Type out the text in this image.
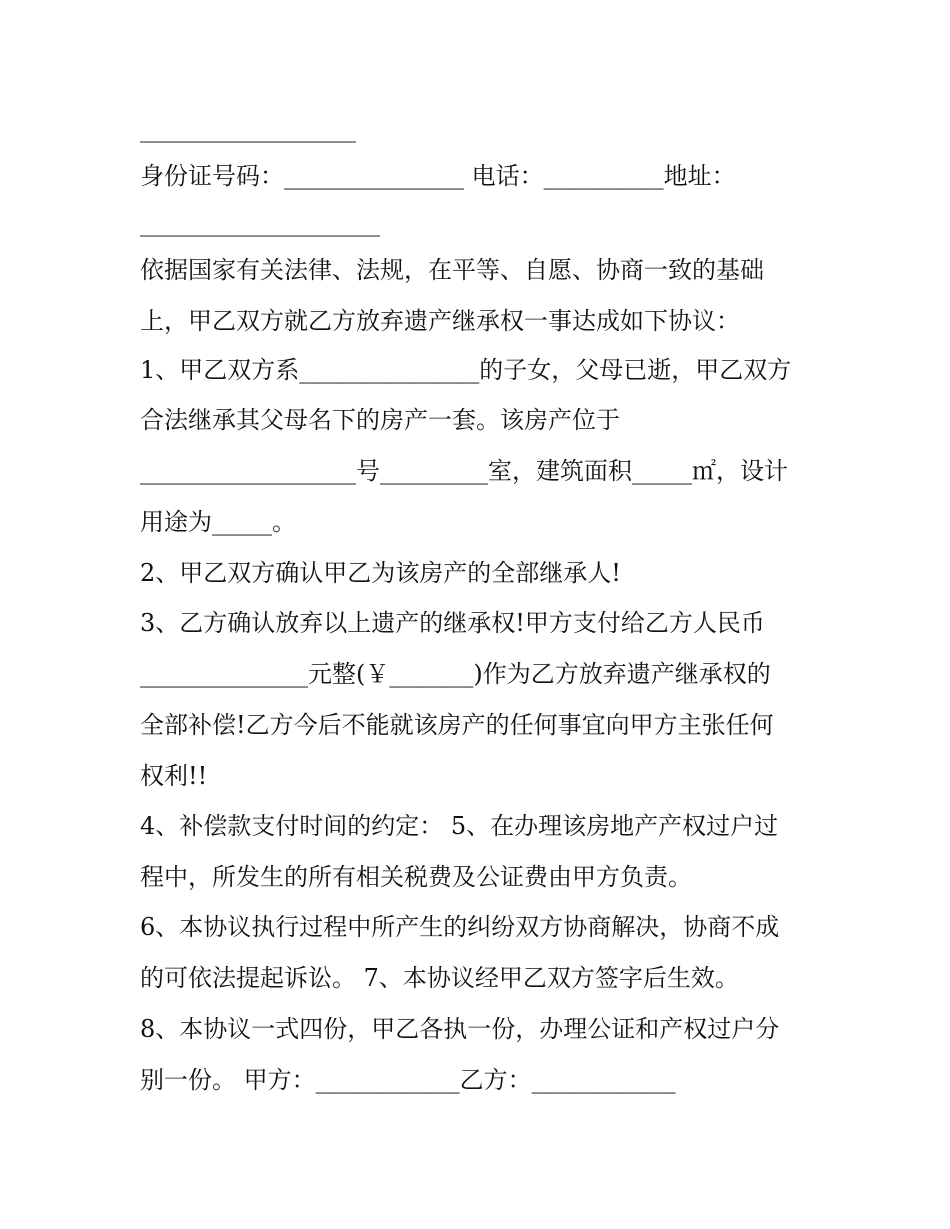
__________________
身份证号码：_______________ 电话：__________地址：
____________________
依据国家有关法律、法规，在平等、自愿、协商一致的基础
上，甲乙双方就乙方放弃遗产继承权一事达成如下协议：
1、甲乙双方系_______________的子女，父母已逝，甲乙双方
合法继承其父母名下的房产一套。该房产位于
__________________号_________室，建筑面积_____㎡，设计
用途为_____。
2、甲乙双方确认甲乙为该房产的全部继承人!
3、乙方确认放弃以上遗产的继承权!甲方支付给乙方人民币
______________元整(￥_______)作为乙方放弃遗产继承权的
全部补偿!乙方今后不能就该房产的任何事宜向甲方主张任何
权利!!
4、补偿款支付时间的约定： 5、在办理该房地产产权过户过
程中，所发生的所有相关税费及公证费由甲方负责。
6、本协议执行过程中所产生的纠纷双方协商解决，协商不成
的可依法提起诉讼。 7、本协议经甲乙双方签字后生效。
8、本协议一式四份，甲乙各执一份，办理公证和产权过户分
别一份。 甲方：____________乙方：____________
